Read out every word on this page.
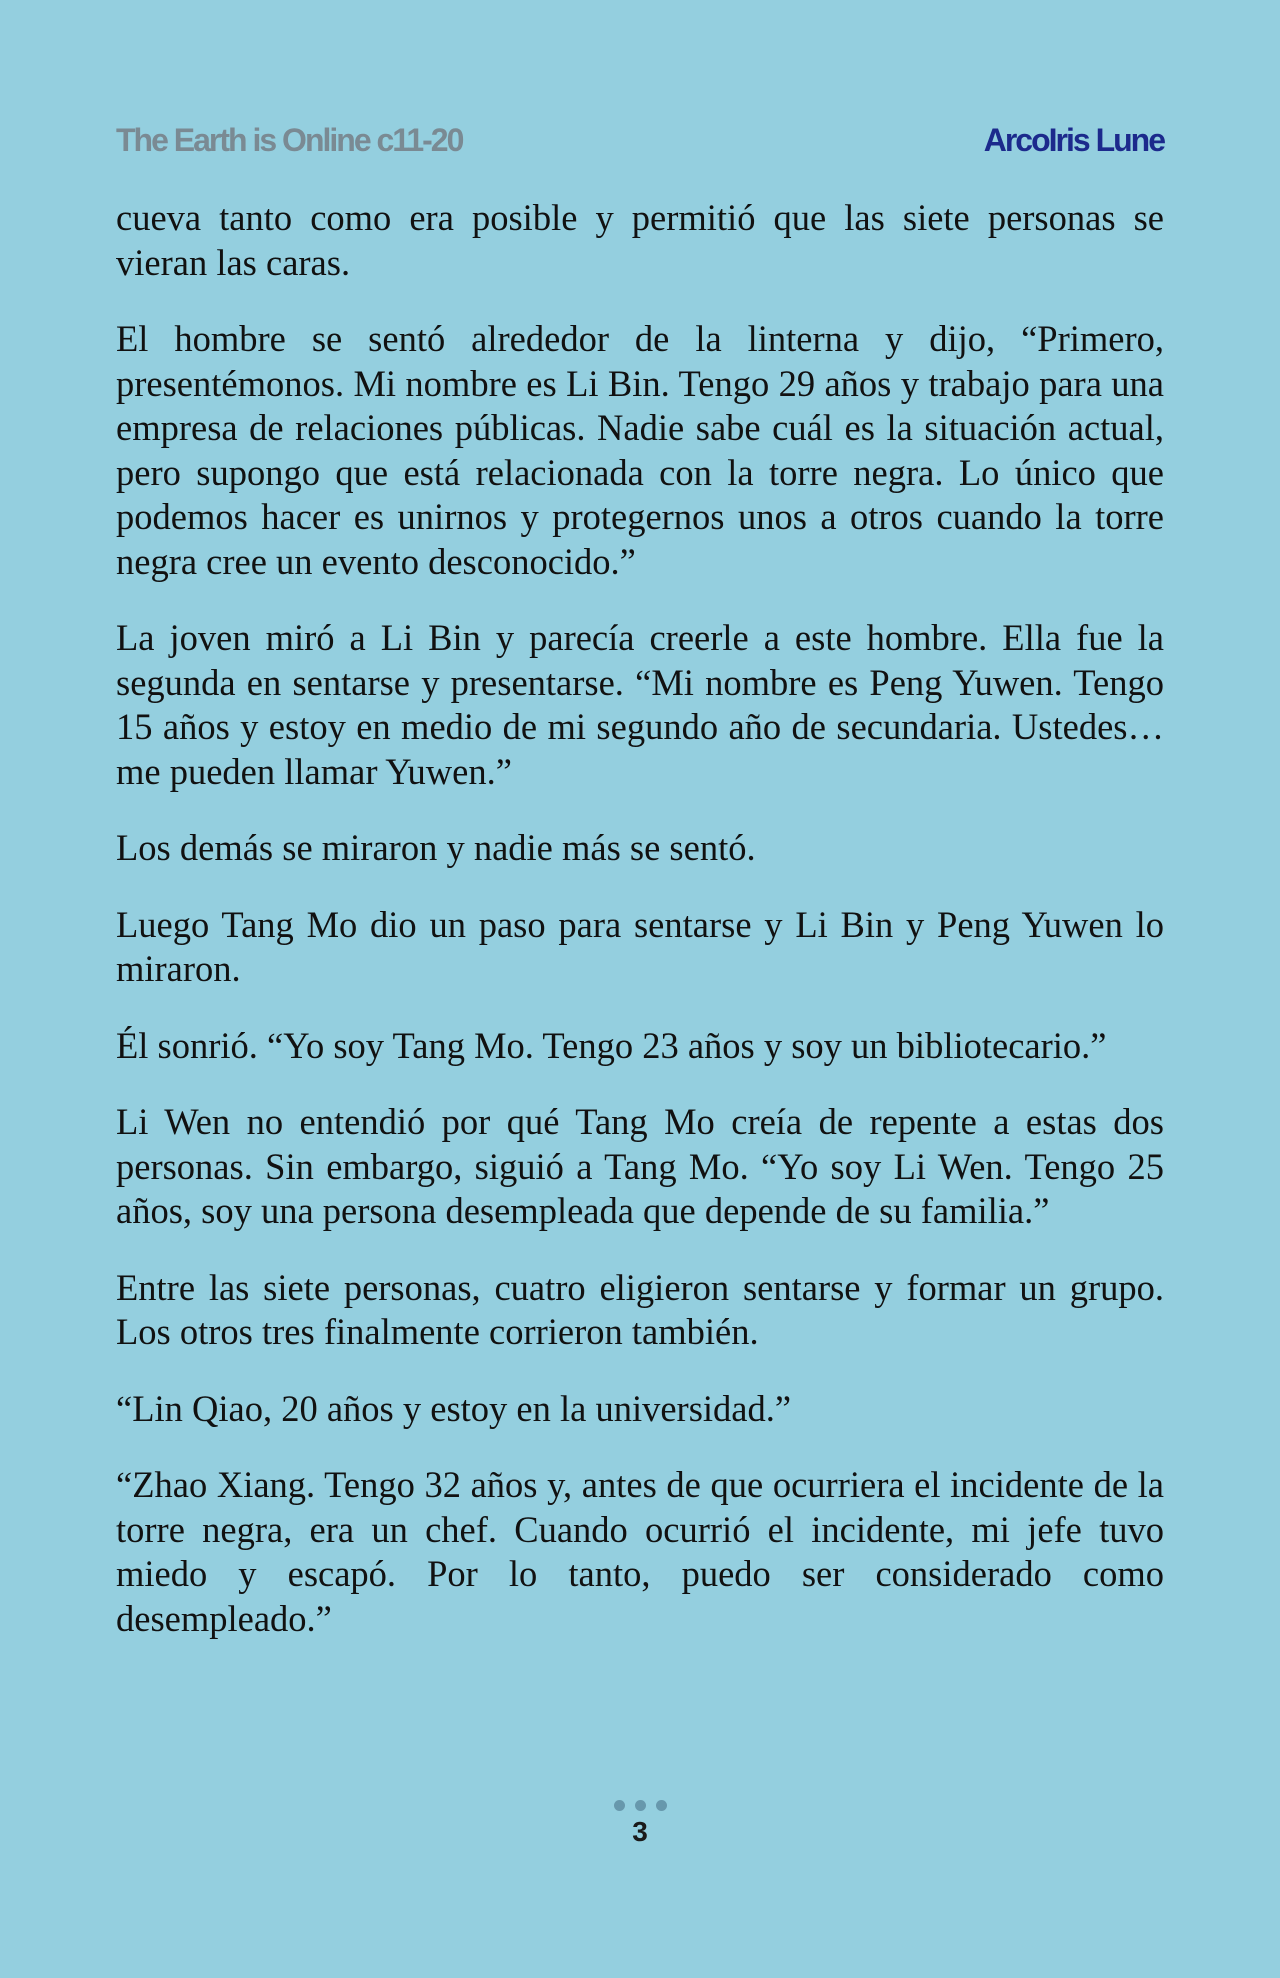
The Earth is Online c11-20	ArcoIris Lune

cueva tanto como era posible y permitió que las siete personas se vieran las caras.

El hombre se sentó alrededor de la linterna y dijo, “Primero, presentémonos. Mi nombre es Li Bin. Tengo 29 años y trabajo para una empresa de relaciones públicas. Nadie sabe cuál es la situación actual, pero supongo que está relacionada con la torre negra. Lo único que podemos hacer es unirnos y protegernos unos a otros cuando la torre negra cree un evento desconocido.”

La joven miró a Li Bin y parecía creerle a este hombre. Ella fue la segunda en sentarse y presentarse. “Mi nombre es Peng Yuwen. Tengo 15 años y estoy en medio de mi segundo año de secundaria. Ustedes… me pueden llamar Yuwen.”

Los demás se miraron y nadie más se sentó.

Luego Tang Mo dio un paso para sentarse y Li Bin y Peng Yuwen lo miraron.

Él sonrió. “Yo soy Tang Mo. Tengo 23 años y soy un bibliotecario.”

Li Wen no entendió por qué Tang Mo creía de repente a estas dos personas. Sin embargo, siguió a Tang Mo. “Yo soy Li Wen. Tengo 25 años, soy una persona desempleada que depende de su familia.”

Entre las siete personas, cuatro eligieron sentarse y formar un grupo. Los otros tres finalmente corrieron también.

“Lin Qiao, 20 años y estoy en la universidad.”

“Zhao Xiang. Tengo 32 años y, antes de que ocurriera el incidente de la torre negra, era un chef. Cuando ocurrió el incidente, mi jefe tuvo miedo y escapó. Por lo tanto, puedo ser considerado como desempleado.”

3
